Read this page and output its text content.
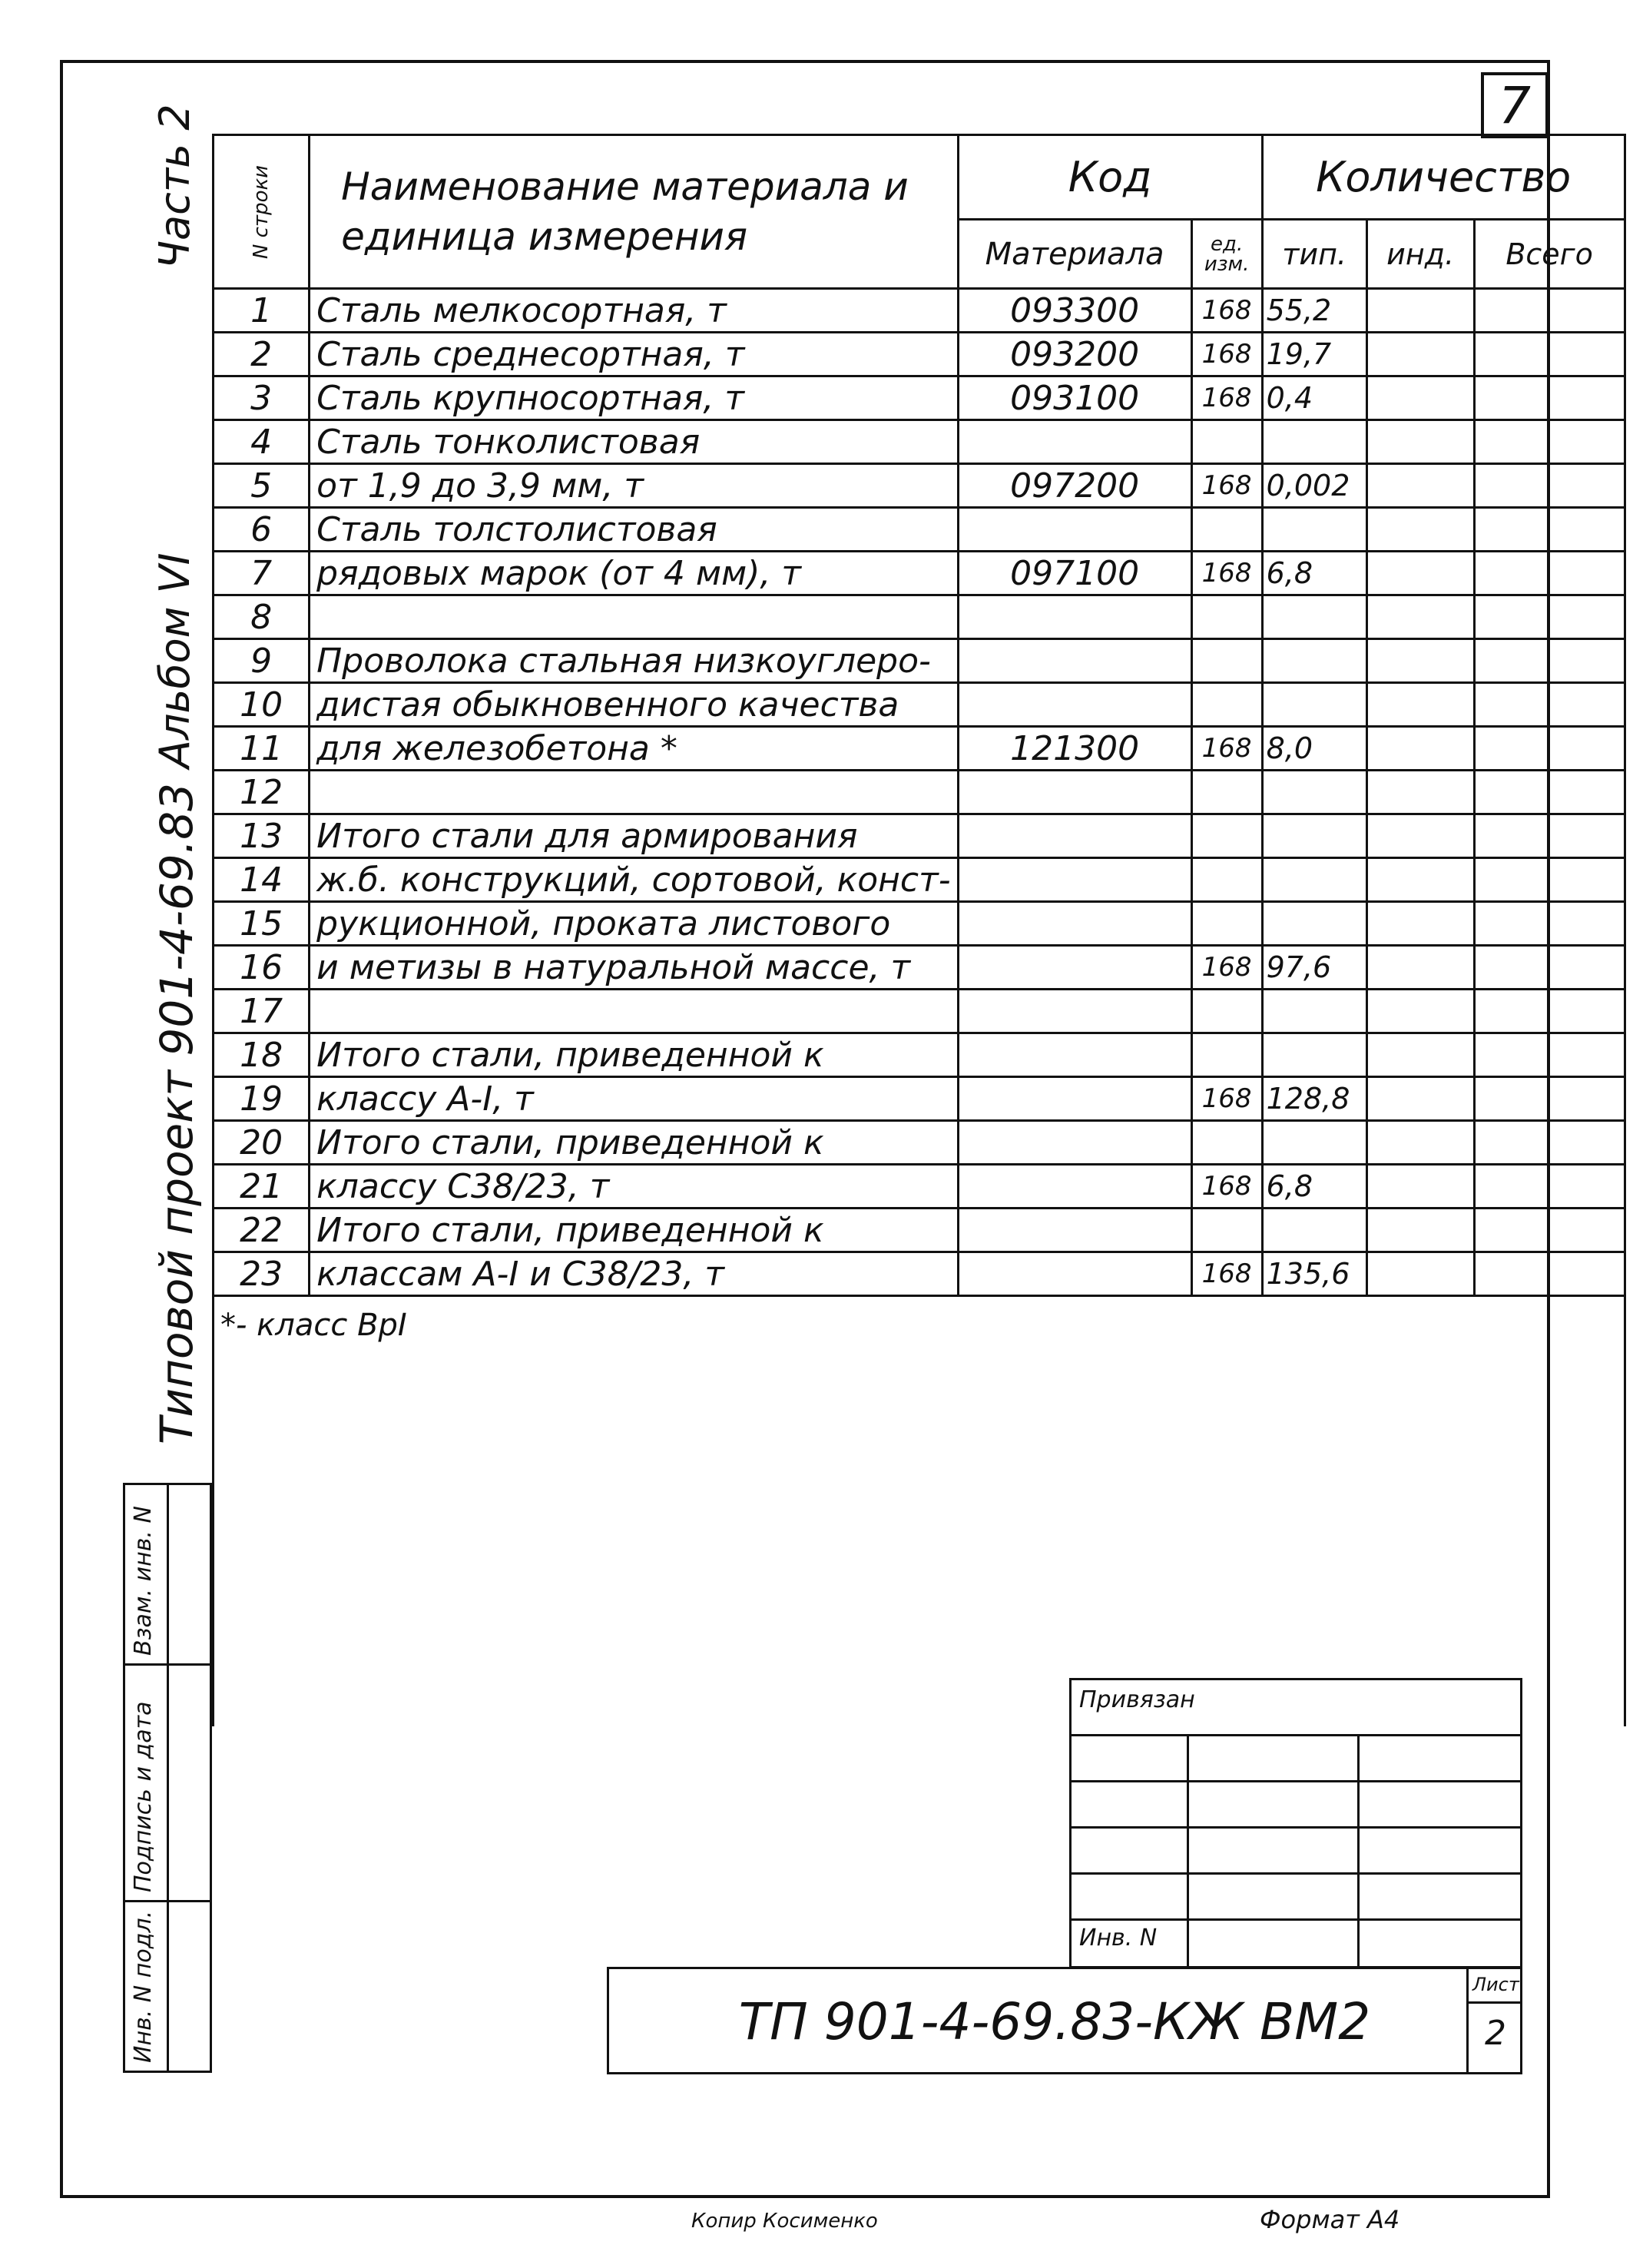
7
Часть 2
Альбом VI
Типовой проект 901-4-69.83
Взам. инв. N
Подпись и дата
Инв. N подл.
N строки	Наименование материала и единица измерения	Код		Количество		
		Материала	ед. изм.	тип.	инд.	Всего
1	Сталь мелкосортная, т	093300	168	55,2		
2	Сталь среднесортная, т	093200	168	19,7		
3	Сталь крупносортная, т	093100	168	0,4		
4	Сталь тонколистовая					
5	от 1,9 до 3,9 мм, т	097200	168	0,002		
6	Сталь толстолистовая					
7	рядовых марок (от 4 мм), т	097100	168	6,8		
8						
9	Проволока стальная низкоуглеро-					
10	дистая обыкновенного качества					
11	для железобетона *	121300	168	8,0		
12						
13	Итого стали для армирования					
14	ж.б. конструкций, сортовой, конст-					
15	рукционной, проката листового					
16	и метизы в натуральной массе, т		168	97,6		
17						
18	Итого стали, приведенной к					
19	классу А-I, т		168	128,8		
20	Итого стали, приведенной к					
21	классу С38/23, т		168	6,8		
22	Итого стали, приведенной к					
23	классам А-I и С38/23, т		168	135,6		
*- класс ВрI						
Привязан
Инв. N
Лист
2
ТП 901-4-69.83-КЖ ВМ2
Копир Косименко	Формат А4
